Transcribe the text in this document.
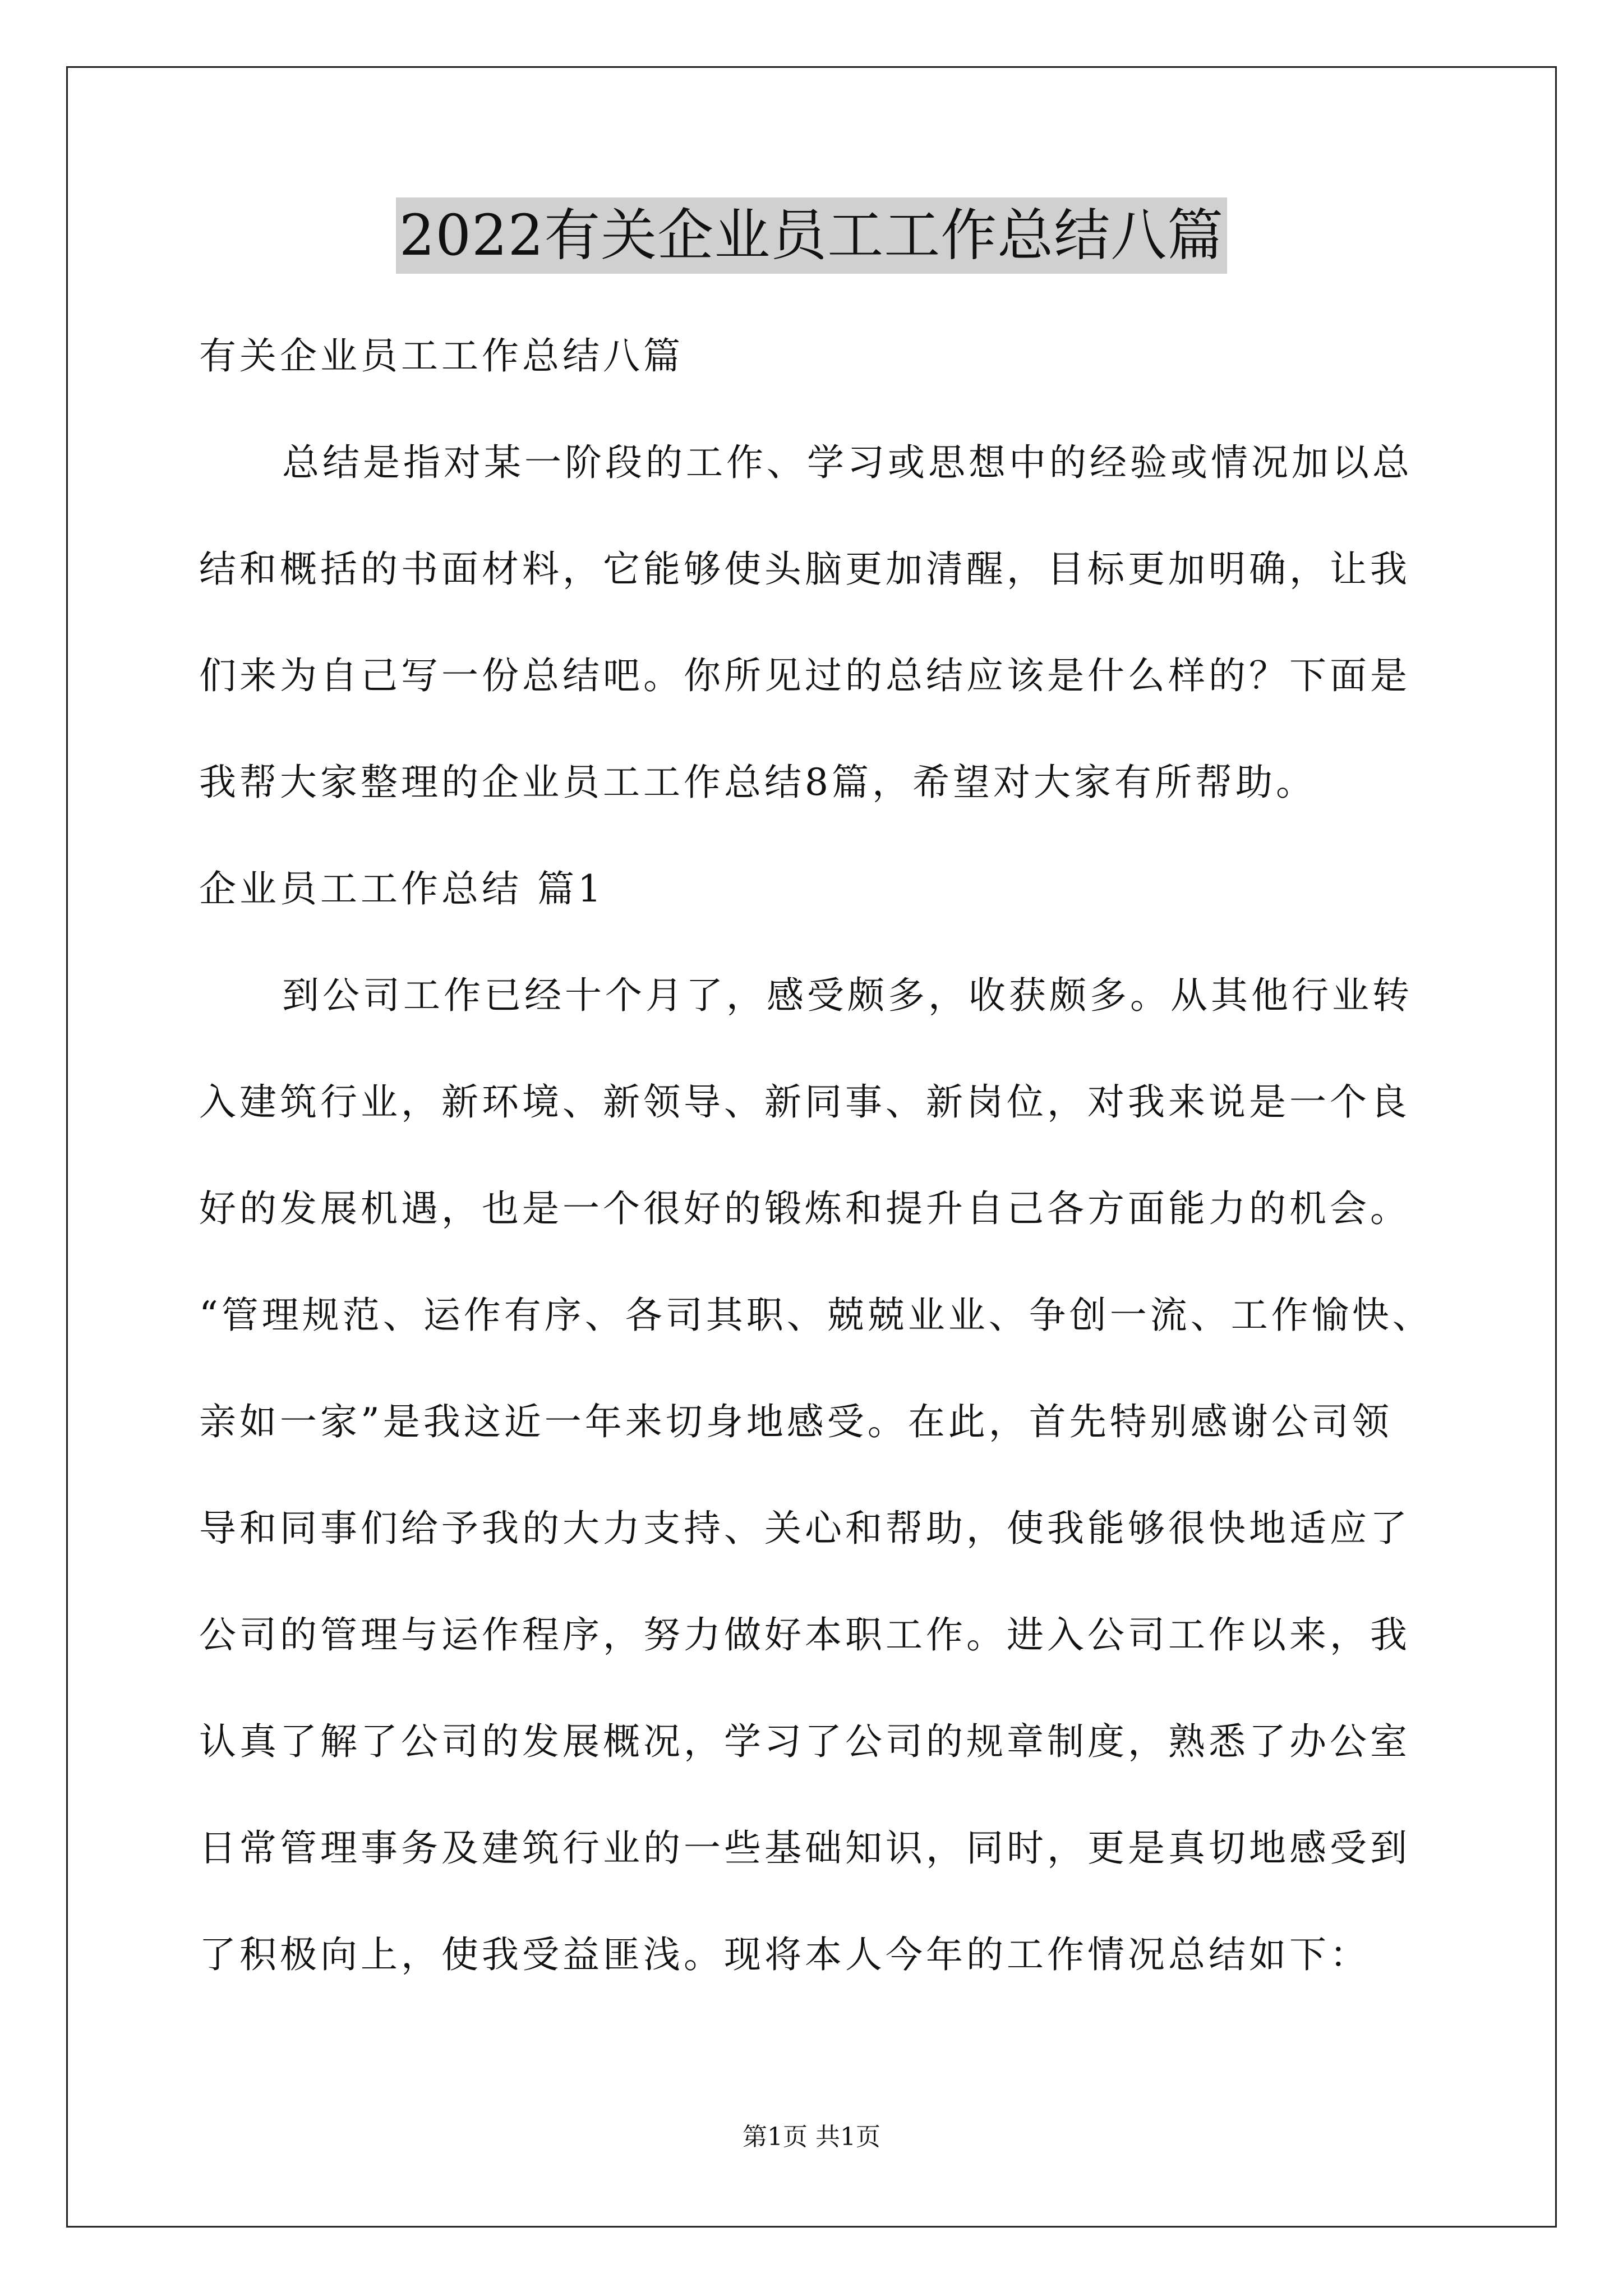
2022有关企业员工工作总结八篇
有关企业员工工作总结八篇
总结是指对某一阶段的工作、学习或思想中的经验或情况加以总
结和概括的书面材料，它能够使头脑更加清醒，目标更加明确，让我
们来为自己写一份总结吧。你所见过的总结应该是什么样的？下面是
我帮大家整理的企业员工工作总结8篇，希望对大家有所帮助。
企业员工工作总结 篇1
到公司工作已经十个月了，感受颇多，收获颇多。从其他行业转
入建筑行业，新环境、新领导、新同事、新岗位，对我来说是一个良
好的发展机遇，也是一个很好的锻炼和提升自己各方面能力的机会。
“管理规范、运作有序、各司其职、兢兢业业、争创一流、工作愉快、
亲如一家”是我这近一年来切身地感受。在此，首先特别感谢公司领
导和同事们给予我的大力支持、关心和帮助，使我能够很快地适应了
公司的管理与运作程序，努力做好本职工作。进入公司工作以来，我
认真了解了公司的发展概况，学习了公司的规章制度，熟悉了办公室
日常管理事务及建筑行业的一些基础知识，同时，更是真切地感受到
了积极向上，使我受益匪浅。现将本人今年的工作情况总结如下：
第1页 共1页
